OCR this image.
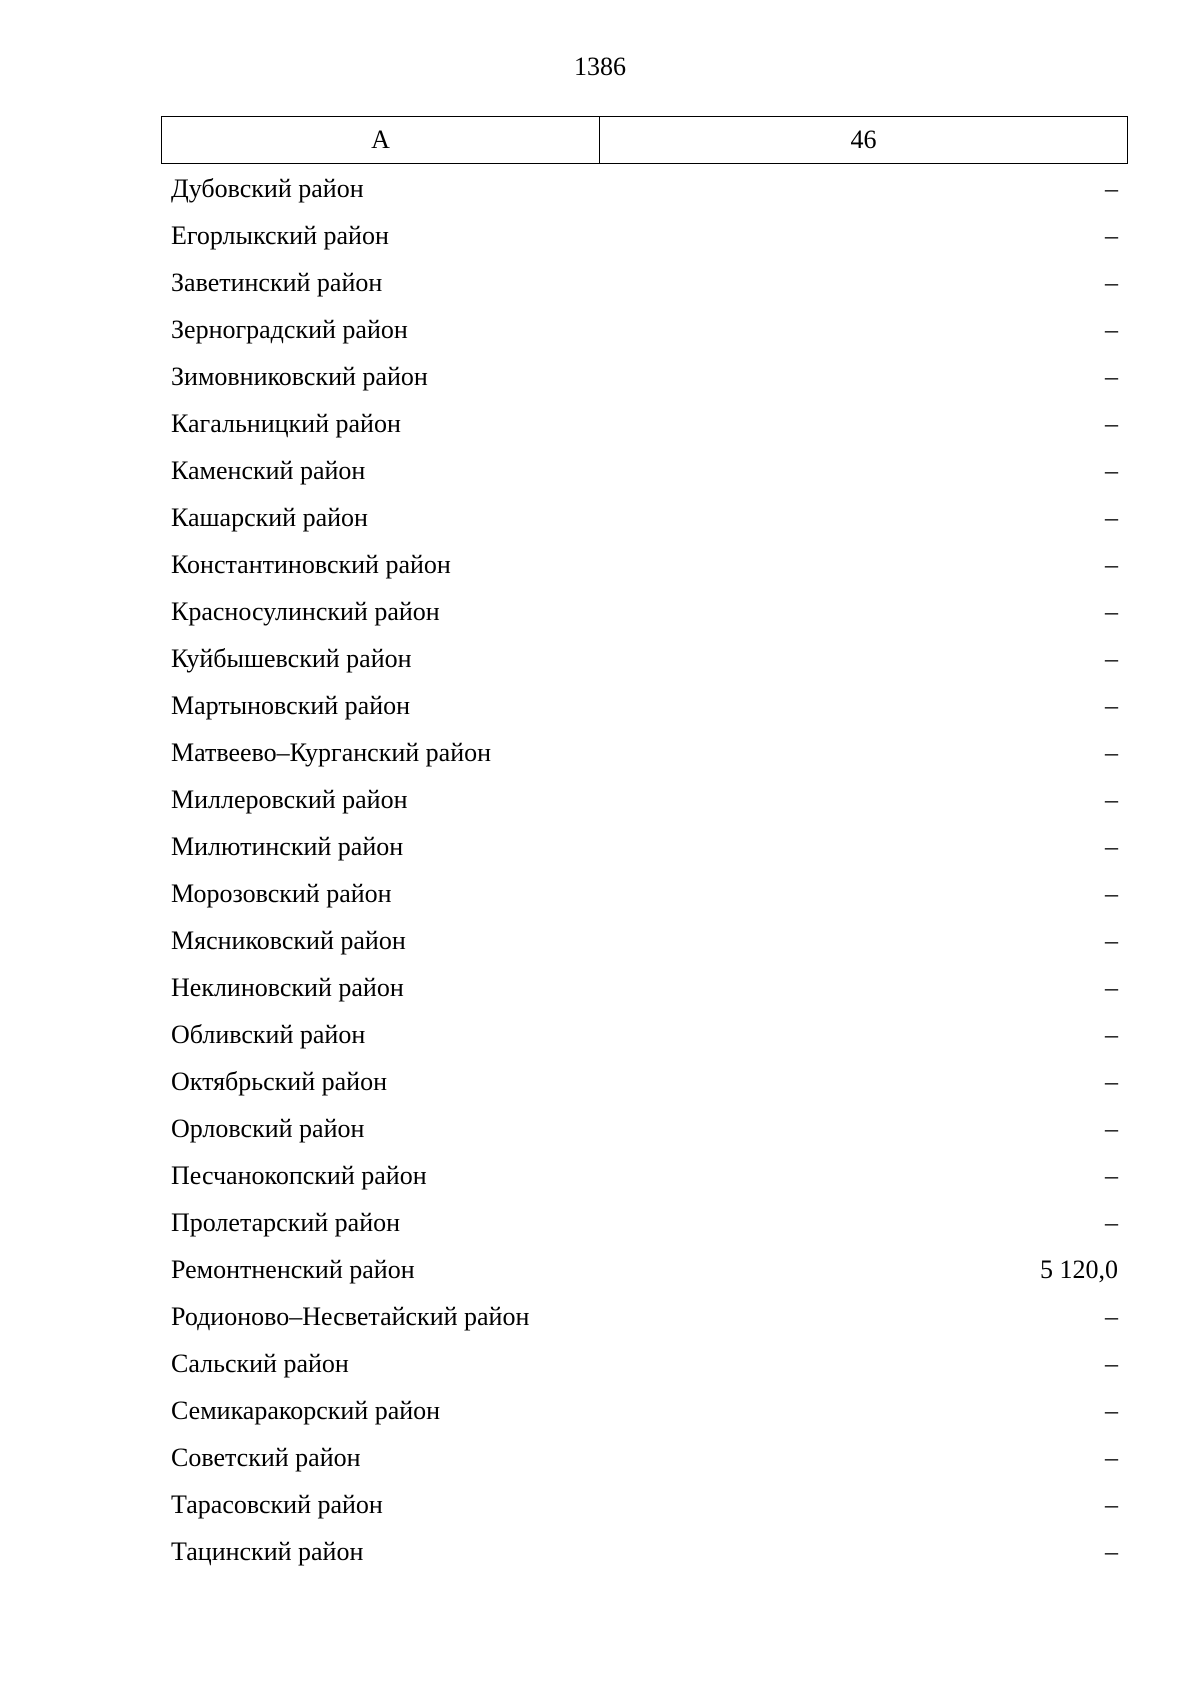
1386
А	46
Дубовский район	–
Егорлыкский район	–
Заветинский район	–
Зерноградский район	–
Зимовниковский район	–
Кагальницкий район	–
Каменский район	–
Кашарский район	–
Константиновский район	–
Красносулинский район	–
Куйбышевский район	–
Мартыновский район	–
Матвеево–Курганский район	–
Миллеровский район	–
Милютинский район	–
Морозовский район	–
Мясниковский район	–
Неклиновский район	–
Обливский район	–
Октябрьский район	–
Орловский район	–
Песчанокопский район	–
Пролетарский район	–
Ремонтненский район	5 120,0
Родионово–Несветайский район	–
Сальский район	–
Семикаракорский район	–
Советский район	–
Тарасовский район	–
Тацинский район	–
